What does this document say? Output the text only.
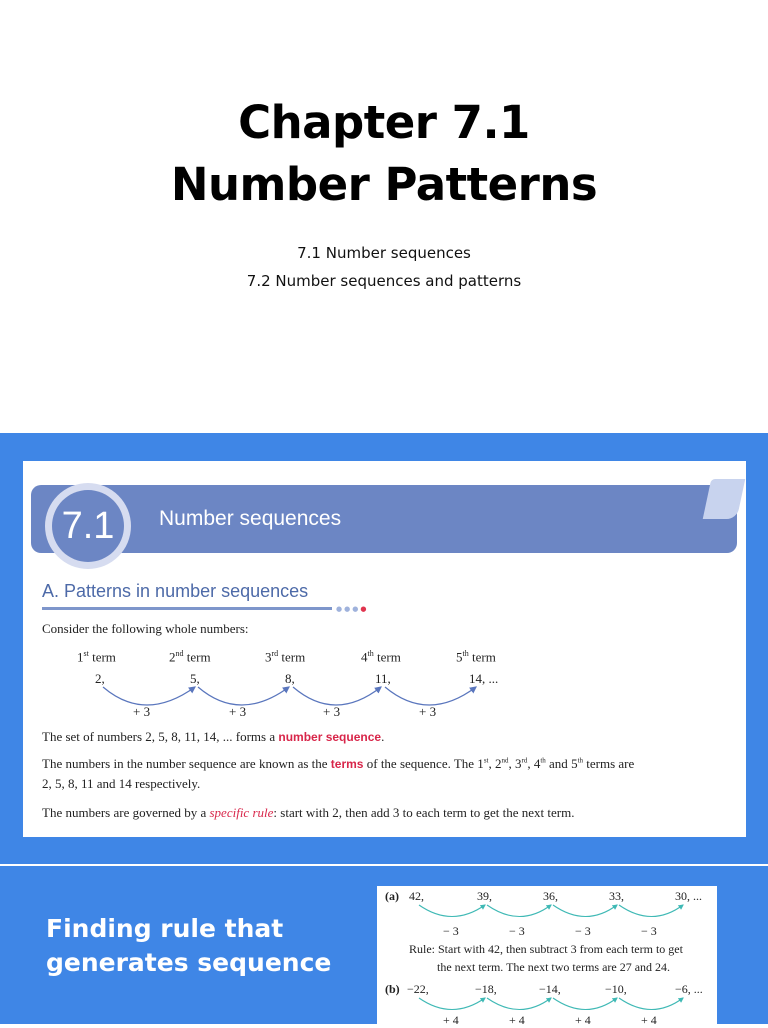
Chapter 7.1
Number Patterns
7.1 Number sequences
7.2 Number sequences and patterns
7.1	Number sequences
A. Patterns in number sequences
●●●●
Consider the following whole numbers:
1st term	2nd term	3rd term	4th term	5th term
2,	5,	8,	11,	14, ...
+ 3	+ 3	+ 3	+ 3
The set of numbers 2, 5, 8, 11, 14, ... forms a number sequence.
The numbers in the number sequence are known as the terms of the sequence. The 1st, 2nd, 3rd, 4th and 5th terms are
2, 5, 8, 11 and 14 respectively.
The numbers are governed by a specific rule: start with 2, then add 3 to each term to get the next term.
Finding rule that
generates sequence
(a) 42,	39,	36,	33,	30, ...
− 3	− 3	− 3	− 3
Rule: Start with 42, then subtract 3 from each term to get
the next term. The next two terms are 27 and 24.
(b) −22,	−18,	−14,	−10,	−6, ...
+ 4	+ 4	+ 4	+ 4
